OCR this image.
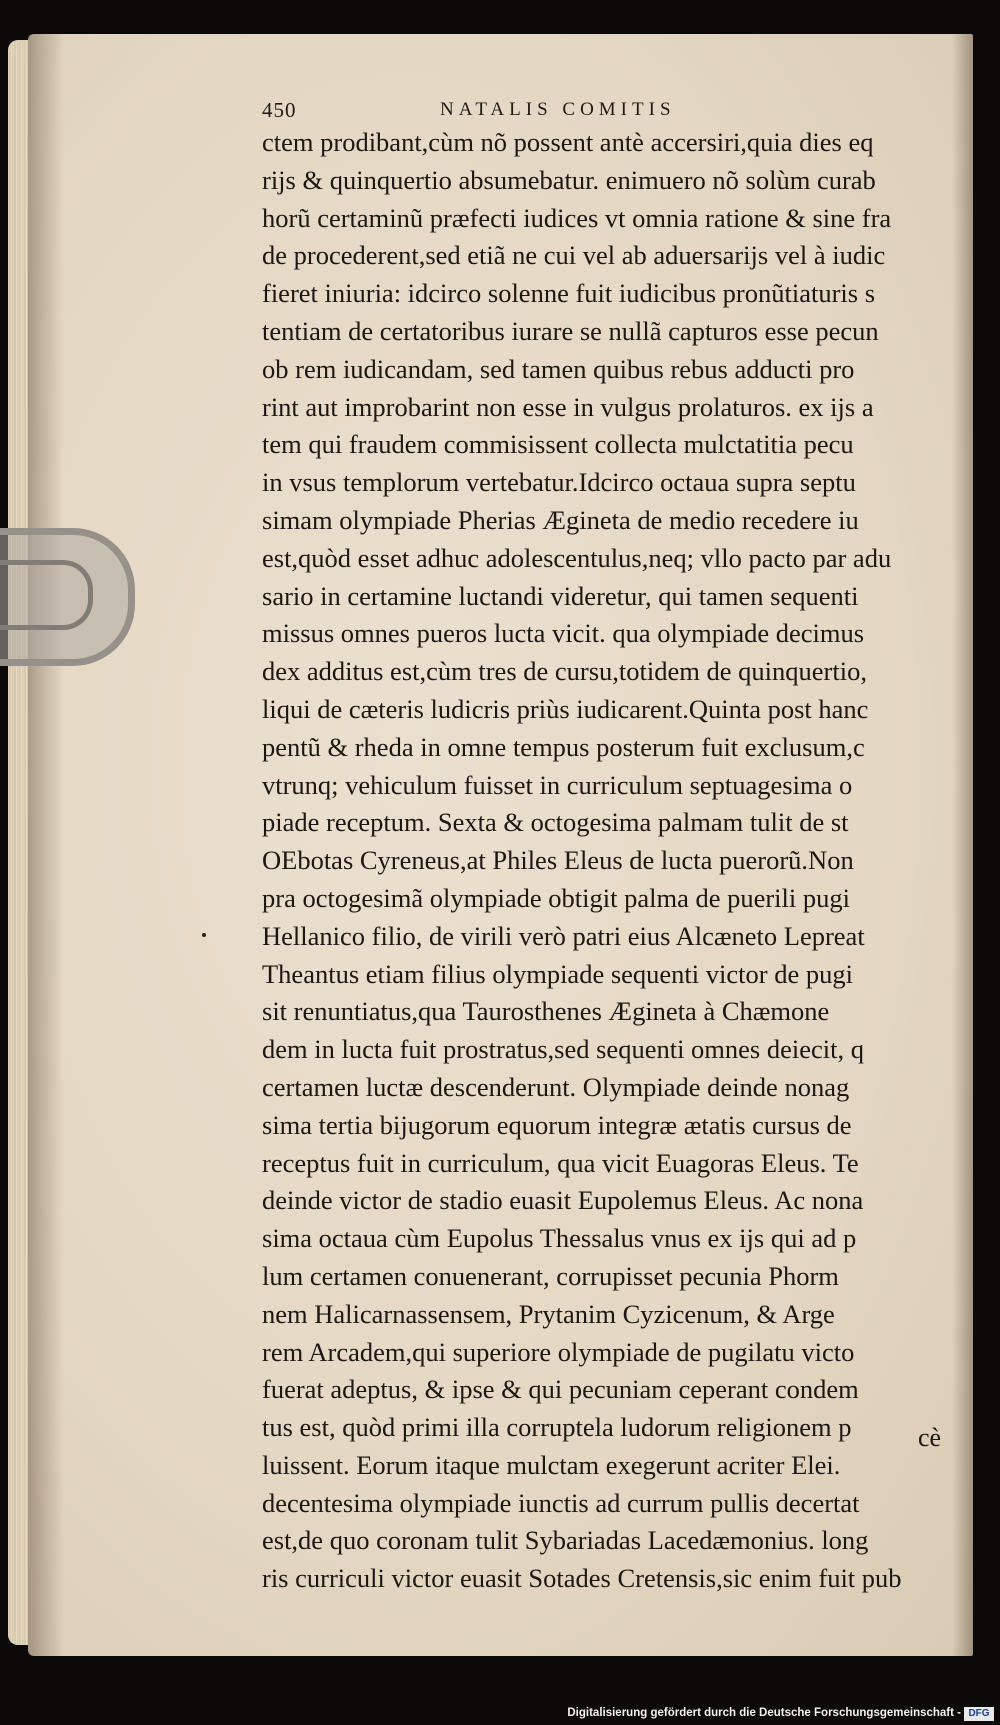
450	NATALIS COMITIS
ctem prodibant,cùm nõ possent antè accersiri,quia dies eq
rijs & quinquertio absumebatur. enimuero nõ solùm curab
horũ certaminũ præfecti iudices vt omnia ratione & sine fra
de procederent,sed etiã ne cui vel ab aduersarijs vel à iudic
fieret iniuria: idcirco solenne fuit iudicibus pronũtiaturis s
tentiam de certatoribus iurare se nullã capturos esse pecun
ob rem iudicandam, sed tamen quibus rebus adducti pro
rint aut improbarint non esse in vulgus prolaturos. ex ijs a
tem qui fraudem commisissent collecta mulctatitia pecu
in vsus templorum vertebatur.Idcirco octaua supra septu
simam olympiade Pherias Ægineta de medio recedere iu
est,quòd esset adhuc adolescentulus,neq; vllo pacto par adu
sario in certamine luctandi videretur, qui tamen sequenti
missus omnes pueros lucta vicit. qua olympiade decimus
dex additus est,cùm tres de cursu,totidem de quinquertio,
liqui de cæteris ludicris priùs iudicarent.Quinta post hanc
pentũ & rheda in omne tempus posterum fuit exclusum,c
vtrunq; vehiculum fuisset in curriculum septuagesima o
piade receptum. Sexta & octogesima palmam tulit de st
OEbotas Cyreneus,at Philes Eleus de lucta puerorũ.Non
pra octogesimã olympiade obtigit palma de puerili pugi
Hellanico filio, de virili verò patri eius Alcæneto Lepreat
Theantus etiam filius olympiade sequenti victor de pugi
sit renuntiatus,qua Taurosthenes Ægineta à Chæmone
dem in lucta fuit prostratus,sed sequenti omnes deiecit, q
certamen luctæ descenderunt. Olympiade deinde nonag
sima tertia bijugorum equorum integræ ætatis cursus de
receptus fuit in curriculum, qua vicit Euagoras Eleus. Te
deinde victor de stadio euasit Eupolemus Eleus. Ac nona
sima octaua cùm Eupolus Thessalus vnus ex ijs qui ad p
lum certamen conuenerant, corrupisset pecunia Phorm
nem Halicarnassensem, Prytanim Cyzicenum, & Arge
rem Arcadem,qui superiore olympiade de pugilatu victo
fuerat adeptus, & ipse & qui pecuniam ceperant condem
tus est, quòd primi illa corruptela ludorum religionem p
luissent. Eorum itaque mulctam exegerunt acriter Elei.
decentesima olympiade iunctis ad currum pullis decertat
est,de quo coronam tulit Sybariadas Lacedæmonius. long
ris curriculi victor euasit Sotades Cretensis,sic enim fuit pub
cè
Digitalisierung gefördert durch die Deutsche Forschungsgemeinschaft - DFG
